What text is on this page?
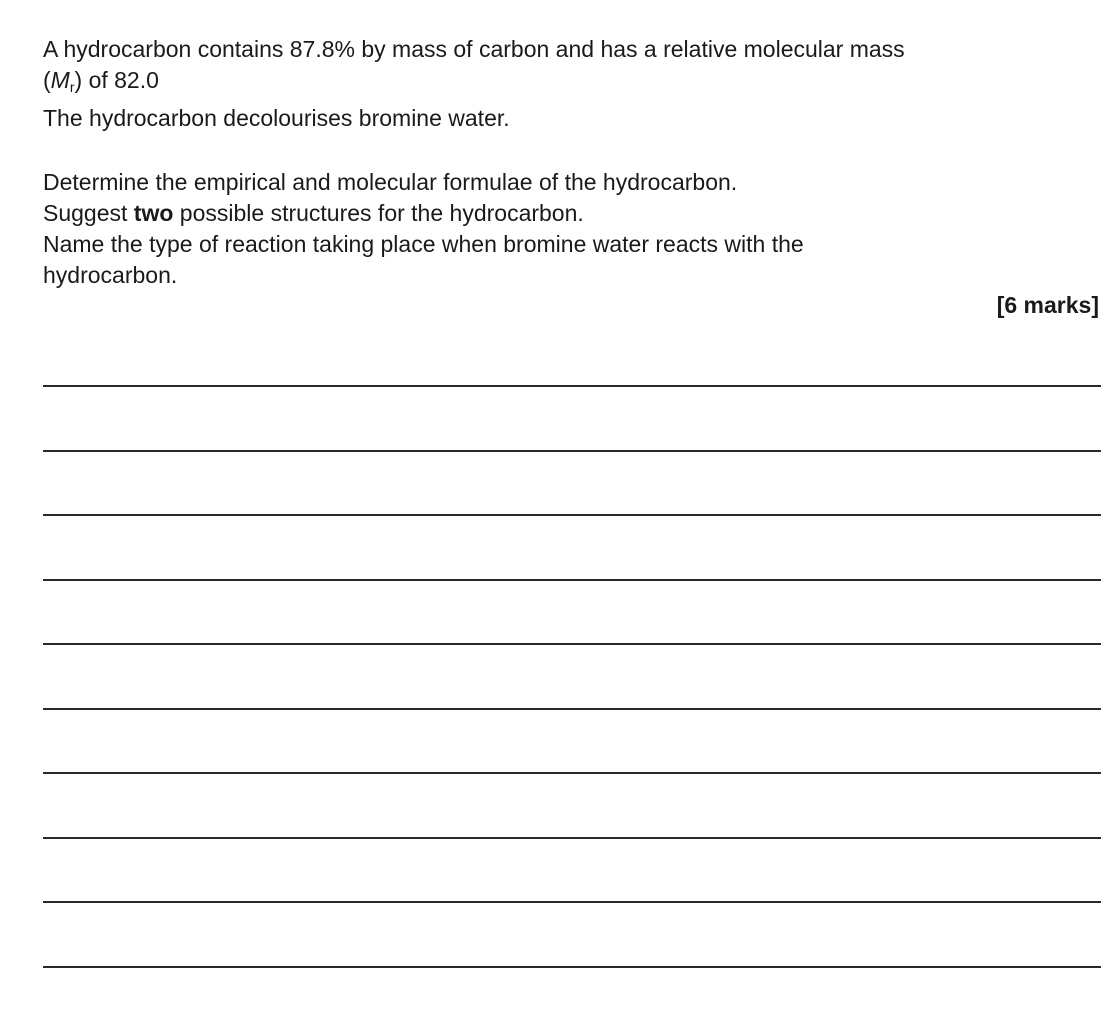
A hydrocarbon contains 87.8% by mass of carbon and has a relative molecular mass
$(M_r)$ of 82.0
The hydrocarbon decolourises bromine water.
Determine the empirical and molecular formulae of the hydrocarbon.
Suggest two possible structures for the hydrocarbon.
Name the type of reaction taking place when bromine water reacts with the
hydrocarbon.
[6 marks]
